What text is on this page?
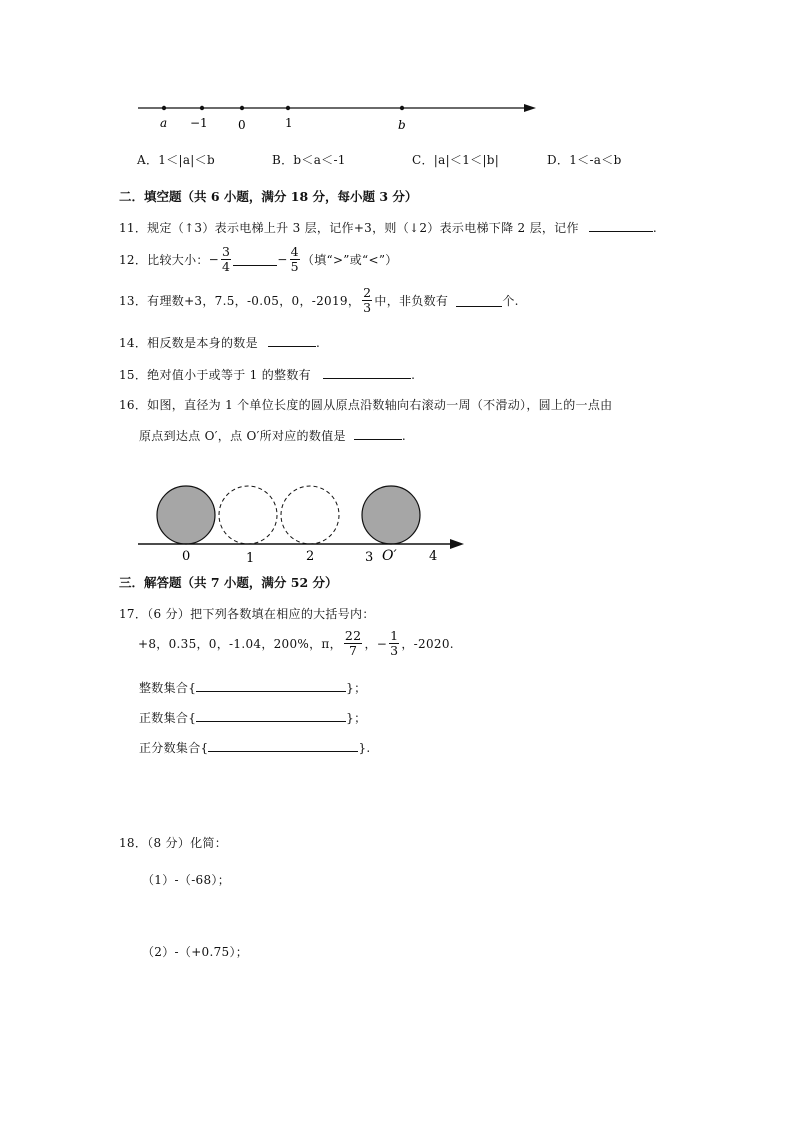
a −1	0	1	b
A．1＜|a|＜b	B．b＜a＜-1	C．|a|＜1＜|b|	D．1＜-a＜b
二．填空题（共 6 小题，满分 18 分，每小题 3 分）
11．规定（↑3）表示电梯上升 3 层，记作+3，则（↓2）表示电梯下降 2 层，记作	.
12．比较大小：− $\frac{3}{4}$	− $\frac{4}{5}$ （填“>”或“<”）
13．有理数+3，7.5，-0.05，0，-2019， $\frac{2}{3}$ 中，非负数有	个.
14．相反数是本身的数是	.
15．绝对值小于或等于 1 的整数有	.
16．如图，直径为 1 个单位长度的圆从原点沿数轴向右滚动一周（不滑动），圆上的一点由
原点到达点 O′，点 O′所对应的数值是	.
0	1	2	3 O′ 4
三．解答题（共 7 小题，满分 52 分）
17．（6 分）把下列各数填在相应的大括号内：
+8，0.35，0，-1.04，200%，π， $\frac{22}{7}$ ，− $\frac{1}{3}$ ，-2020.
整数集合{	}；
正数集合{	}；
正分数集合{	}.
18．（8 分）化简：
（1）-（-68）；
（2）-（+0.75）；
